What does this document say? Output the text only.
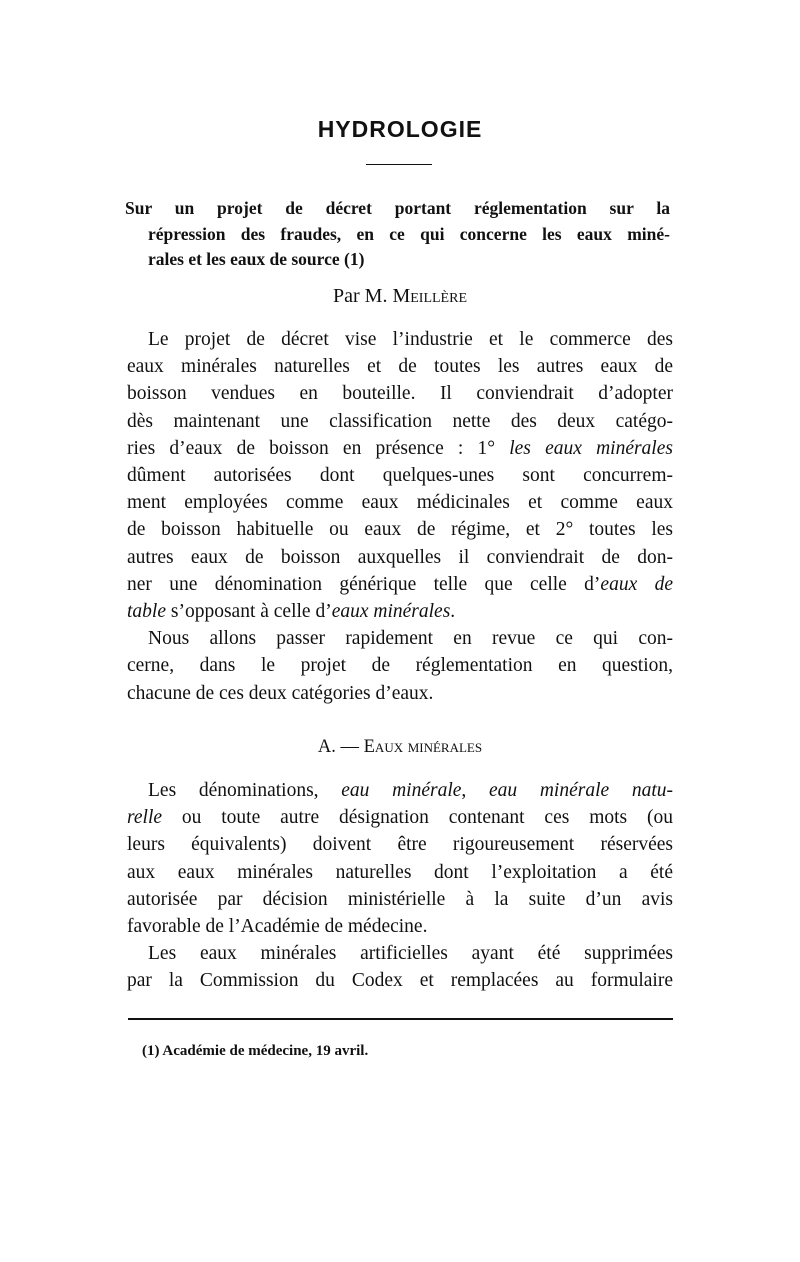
HYDROLOGIE
Sur un projet de décret portant réglementation sur la
répression des fraudes, en ce qui concerne les eaux miné-
rales et les eaux de source (1)
Par M. Meillère
Le projet de décret vise l’industrie et le commerce des
eaux minérales naturelles et de toutes les autres eaux de
boisson vendues en bouteille. Il conviendrait d’adopter
dès maintenant une classification nette des deux catégo-
ries d’eaux de boisson en présence : 1° les eaux minérales
dûment autorisées dont quelques-unes sont concurrem-
ment employées comme eaux médicinales et comme eaux
de boisson habituelle ou eaux de régime, et 2° toutes les
autres eaux de boisson auxquelles il conviendrait de don-
ner une dénomination générique telle que celle d’eaux de
table s’opposant à celle d’eaux minérales.
Nous allons passer rapidement en revue ce qui con-
cerne, dans le projet de réglementation en question,
chacune de ces deux catégories d’eaux.
A. — Eaux minérales
Les dénominations, eau minérale, eau minérale natu-
relle ou toute autre désignation contenant ces mots (ou
leurs équivalents) doivent être rigoureusement réservées
aux eaux minérales naturelles dont l’exploitation a été
autorisée par décision ministérielle à la suite d’un avis
favorable de l’Académie de médecine.
Les eaux minérales artificielles ayant été supprimées
par la Commission du Codex et remplacées au formulaire
(1) Académie de médecine, 19 avril.
